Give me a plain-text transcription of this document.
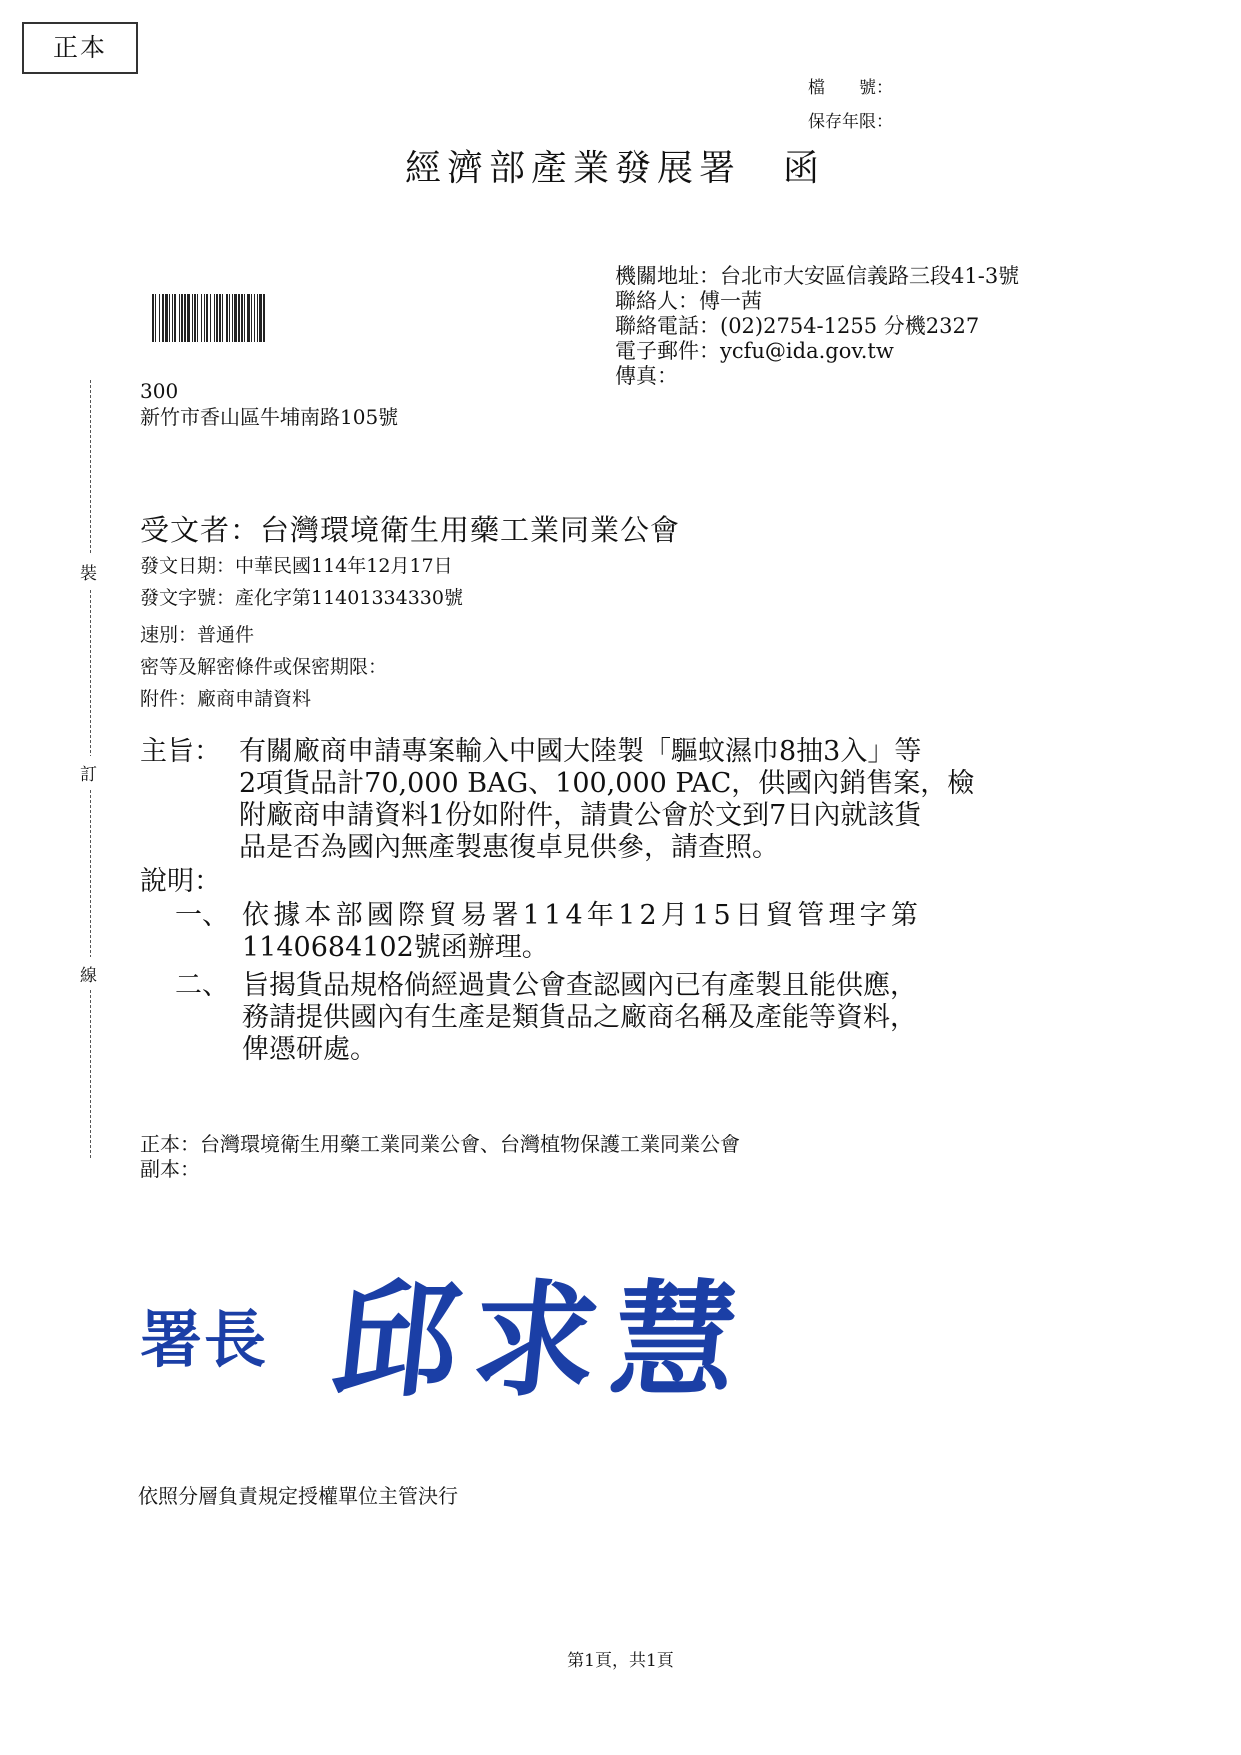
正本
檔　　號：
保存年限：
經濟部產業發展署　函
機關地址：台北市大安區信義路三段41-3號
聯絡人：傅一茜
聯絡電話：(02)2754-1255 分機2327
電子郵件：ycfu@ida.gov.tw
傳真：
300
新竹市香山區牛埔南路105號
裝
訂
線
受文者：台灣環境衛生用藥工業同業公會
發文日期：中華民國114年12月17日
發文字號：產化字第11401334330號
速別：普通件
密等及解密條件或保密期限：
附件：廠商申請資料
主旨： 有關廠商申請專案輸入中國大陸製「驅蚊濕巾8抽3入」等
2項貨品計70,000 BAG、100,000 PAC，供國內銷售案，檢
附廠商申請資料1份如附件，請貴公會於文到7日內就該貨
品是否為國內無產製惠復卓見供參，請查照。
說明：
一、 依據本部國際貿易署114年12月15日貿管理字第
1140684102號函辦理。
二、 旨揭貨品規格倘經過貴公會查認國內已有產製且能供應，
務請提供國內有生產是類貨品之廠商名稱及產能等資料，
俾憑研處。
正本：台灣環境衛生用藥工業同業公會、台灣植物保護工業同業公會
副本：
署長 邱求慧
依照分層負責規定授權單位主管決行
第1頁，共1頁
